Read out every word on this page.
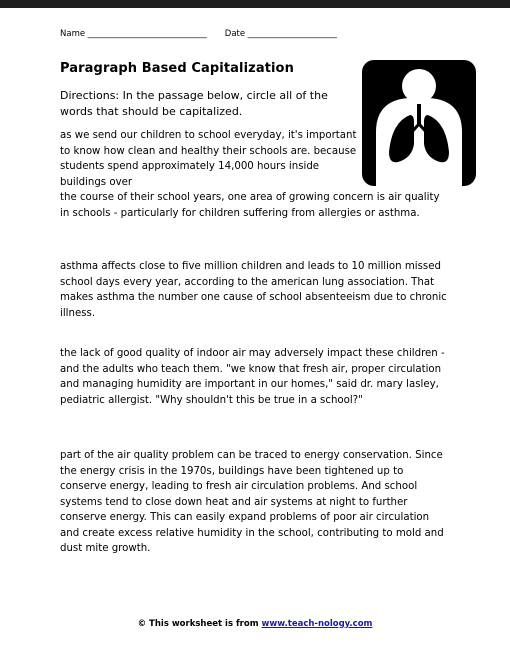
Name ____________________________ Date _____________________
Paragraph Based Capitalization
Directions: In the passage below, circle all of the words that should be capitalized.
as we send our children to school everyday, it's important to know how clean and healthy their schools are. because students spend approximately 14,000 hours inside buildings over
the course of their school years, one area of growing concern is air quality in schools - particularly for children suffering from allergies or asthma.
asthma affects close to five million children and leads to 10 million missed school days every year, according to the american lung association. That makes asthma the number one cause of school absenteeism due to chronic illness.
the lack of good quality of indoor air may adversely impact these children - and the adults who teach them. "we know that fresh air, proper circulation and managing humidity are important in our homes," said dr. mary lasley, pediatric allergist. "Why shouldn't this be true in a school?"
part of the air quality problem can be traced to energy conservation. Since the energy crisis in the 1970s, buildings have been tightened up to conserve energy, leading to fresh air circulation problems. And school systems tend to close down heat and air systems at night to further conserve energy. This can easily expand problems of poor air circulation and create excess relative humidity in the school, contributing to mold and dust mite growth.
© This worksheet is from www.teach-nology.com
